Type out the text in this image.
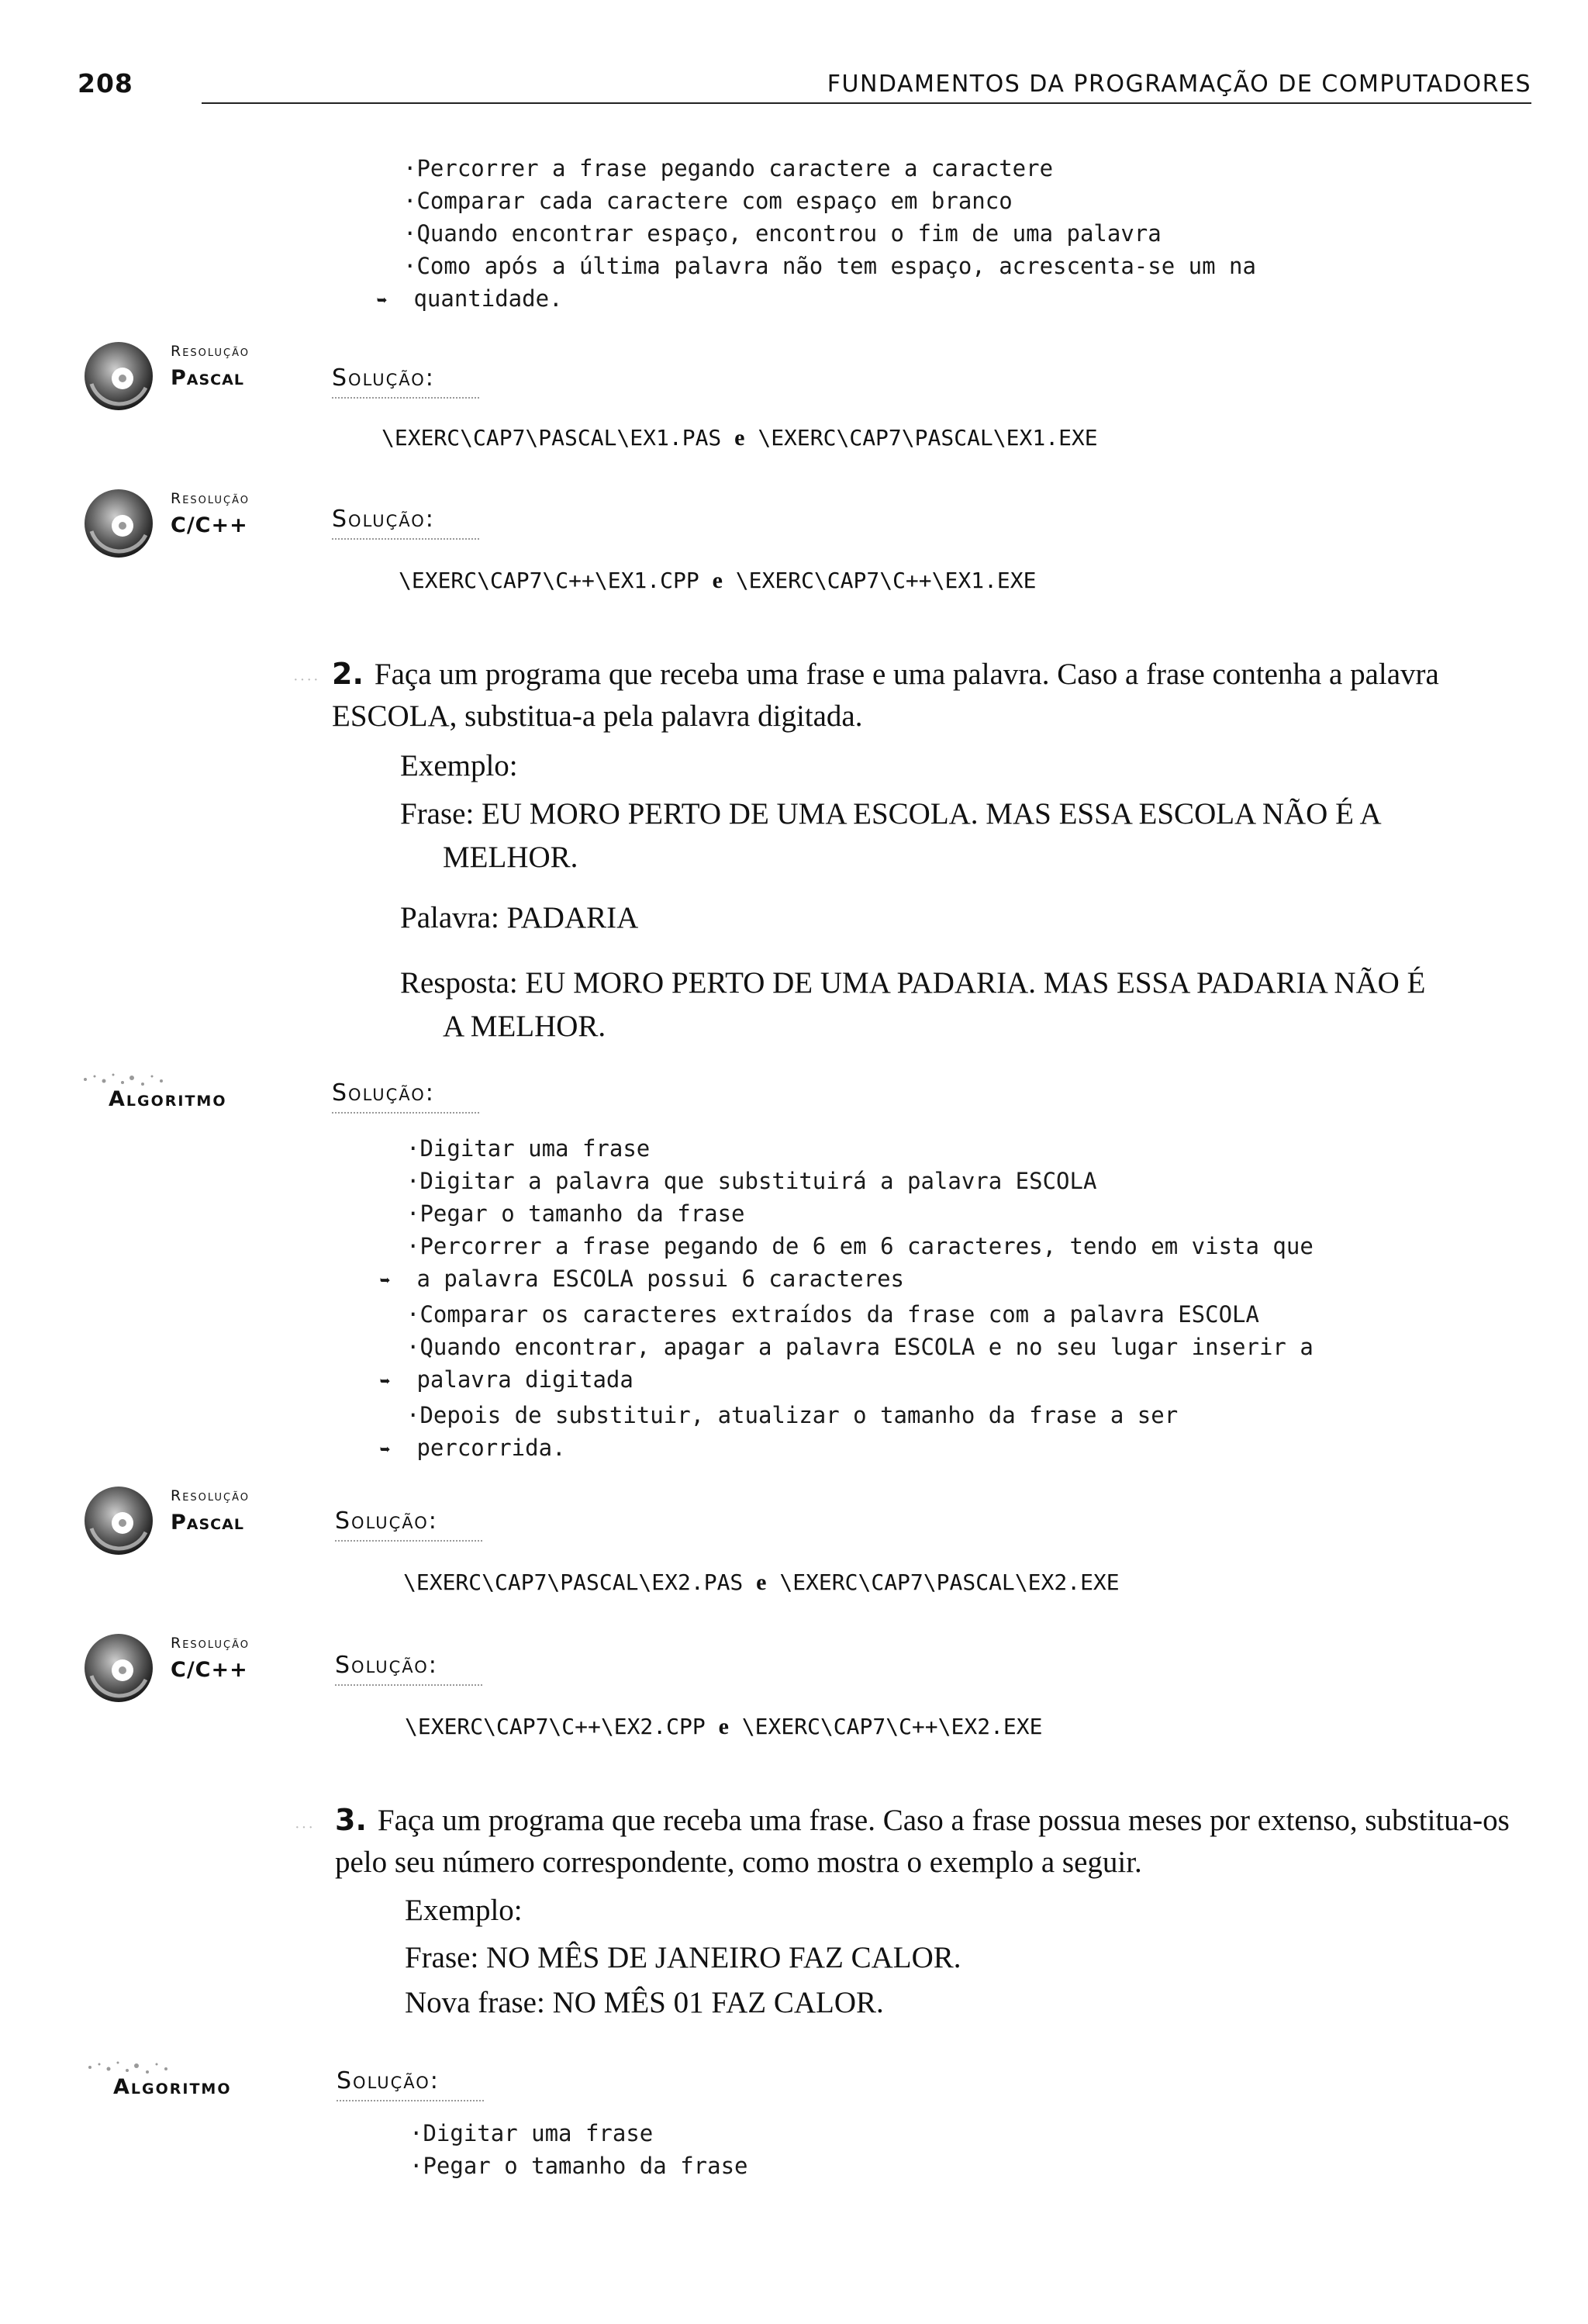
208	FUNDAMENTOS DA PROGRAMAÇÃO DE COMPUTADORES
·Percorrer a frase pegando caractere a caractere
·Comparar cada caractere com espaço em branco
·Quando encontrar espaço, encontrou o fim de uma palavra
·Como após a última palavra não tem espaço, acrescenta-se um na
➥ quantidade.
Resolução
Pascal	Solução:
\EXERC\CAP7\PASCAL\EX1.PAS e \EXERC\CAP7\PASCAL\EX1.EXE
Resolução
C/C++	Solução:
\EXERC\CAP7\C++\EX1.CPP e \EXERC\CAP7\C++\EX1.EXE
···· 2. Faça um programa que receba uma frase e uma palavra. Caso a frase contenha a palavra ESCOLA, substitua-a pela palavra digitada.
Exemplo:
Frase: EU MORO PERTO DE UMA ESCOLA. MAS ESSA ESCOLA NÃO É A
MELHOR.
Palavra: PADARIA
Resposta: EU MORO PERTO DE UMA PADARIA. MAS ESSA PADARIA NÃO É
A MELHOR.
Algoritmo	Solução:
·Digitar uma frase
·Digitar a palavra que substituirá a palavra ESCOLA
·Pegar o tamanho da frase
·Percorrer a frase pegando de 6 em 6 caracteres, tendo em vista que
➥ a palavra ESCOLA possui 6 caracteres
·Comparar os caracteres extraídos da frase com a palavra ESCOLA
·Quando encontrar, apagar a palavra ESCOLA e no seu lugar inserir a
➥ palavra digitada
·Depois de substituir, atualizar o tamanho da frase a ser
➥ percorrida.
Resolução
Pascal	Solução:
\EXERC\CAP7\PASCAL\EX2.PAS e \EXERC\CAP7\PASCAL\EX2.EXE
Resolução
C/C++	Solução:
\EXERC\CAP7\C++\EX2.CPP e \EXERC\CAP7\C++\EX2.EXE
··· 3. Faça um programa que receba uma frase. Caso a frase possua meses por extenso, substitua-os pelo seu número correspondente, como mostra o exemplo a seguir.
Exemplo:
Frase: NO MÊS DE JANEIRO FAZ CALOR.
Nova frase: NO MÊS 01 FAZ CALOR.
Algoritmo	Solução:
·Digitar uma frase
·Pegar o tamanho da frase
